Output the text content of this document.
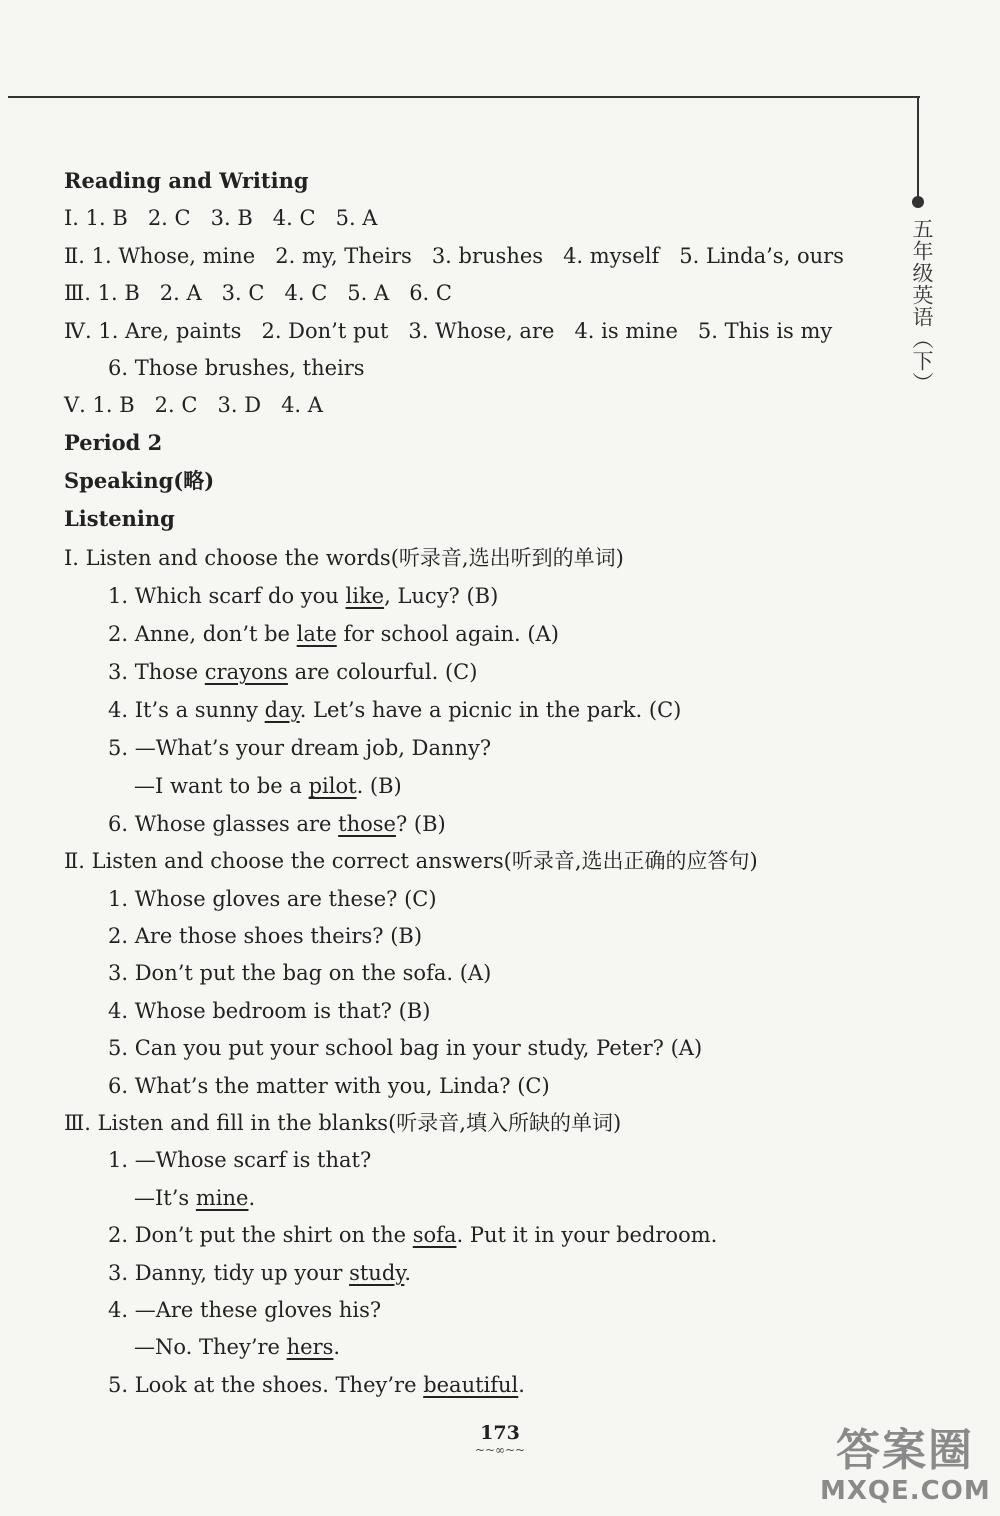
五年级英语（下）
Reading and Writing
Ⅰ. 1. B   2. C   3. B   4. C   5. A
Ⅱ. 1. Whose, mine   2. my, Theirs   3. brushes   4. myself   5. Linda’s, ours
Ⅲ. 1. B   2. A   3. C   4. C   5. A   6. C
Ⅳ. 1. Are, paints   2. Don’t put   3. Whose, are   4. is mine   5. This is my
6. Those brushes, theirs
Ⅴ. 1. B   2. C   3. D   4. A
Period 2
Speaking(略)
Listening
Ⅰ. Listen and choose the words(听录音,选出听到的单词)
1. Which scarf do you like, Lucy? (B)
2. Anne, don’t be late for school again. (A)
3. Those crayons are colourful. (C)
4. It’s a sunny day. Let’s have a picnic in the park. (C)
5. —What’s your dream job, Danny?
—I want to be a pilot. (B)
6. Whose glasses are those? (B)
Ⅱ. Listen and choose the correct answers(听录音,选出正确的应答句)
1. Whose gloves are these? (C)
2. Are those shoes theirs? (B)
3. Don’t put the bag on the sofa. (A)
4. Whose bedroom is that? (B)
5. Can you put your school bag in your study, Peter? (A)
6. What’s the matter with you, Linda? (C)
Ⅲ. Listen and fill in the blanks(听录音,填入所缺的单词)
1. —Whose scarf is that?
—It’s mine.
2. Don’t put the shirt on the sofa. Put it in your bedroom.
3. Danny, tidy up your study.
4. —Are these gloves his?
—No. They’re hers.
5. Look at the shoes. They’re beautiful.
173
~~∞~~	答案圈
MXQE.COM
